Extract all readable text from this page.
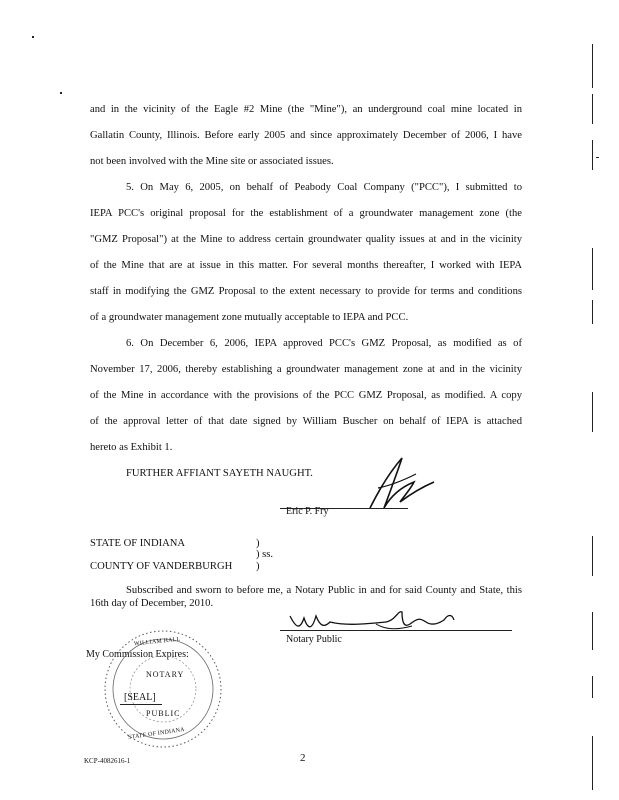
and in the vicinity of the Eagle #2 Mine (the "Mine"), an underground coal mine located in
Gallatin County, Illinois. Before early 2005 and since approximately December of 2006, I have
not been involved with the Mine site or associated issues.
5. On May 6, 2005, on behalf of Peabody Coal Company ("PCC"), I submitted to
IEPA PCC's original proposal for the establishment of a groundwater management zone (the
"GMZ Proposal") at the Mine to address certain groundwater quality issues at and in the vicinity
of the Mine that are at issue in this matter. For several months thereafter, I worked with IEPA
staff in modifying the GMZ Proposal to the extent necessary to provide for terms and conditions
of a groundwater management zone mutually acceptable to IEPA and PCC.
6. On December 6, 2006, IEPA approved PCC's GMZ Proposal, as modified as of
November 17, 2006, thereby establishing a groundwater management zone at and in the vicinity
of the Mine in accordance with the provisions of the PCC GMZ Proposal, as modified. A copy
of the approval letter of that date signed by William Buscher on behalf of IEPA is attached
hereto as Exhibit 1.
FURTHER AFFIANT SAYETH NAUGHT.
Eric P. Fry
STATE OF INDIANA	)
) ss.
COUNTY OF VANDERBURGH )
Subscribed and sworn to before me, a Notary Public in and for said County and State, this
16th day of December, 2010.
Notary Public
My Commission Expires:
WILLIAM HALL
NOTARY
[SEAL]
PUBLIC
STATE OF INDIANA
2
KCP-4082616-1
